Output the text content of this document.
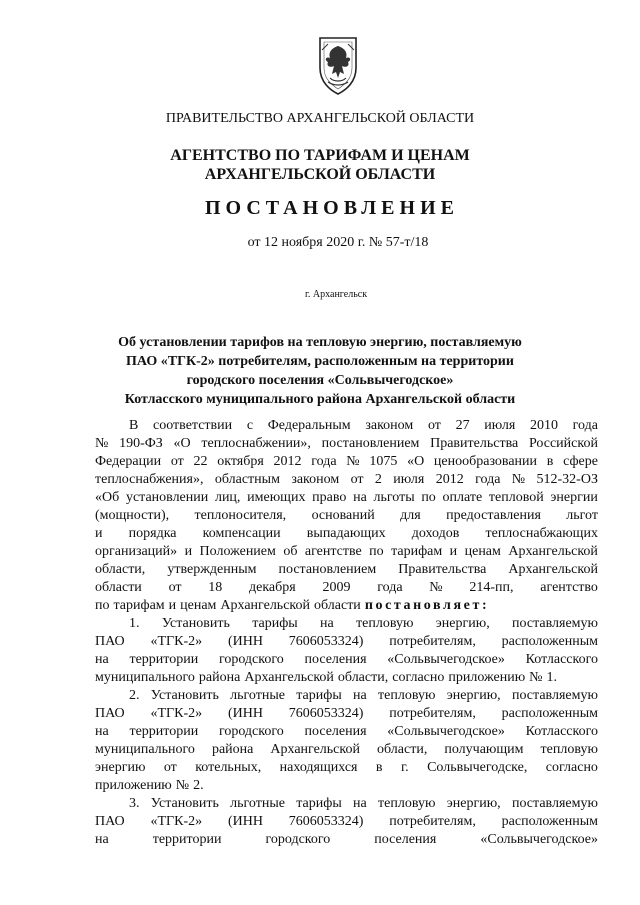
ПРАВИТЕЛЬСТВО АРХАНГЕЛЬСКОЙ ОБЛАСТИ
АГЕНТСТВО ПО ТАРИФАМ И ЦЕНАМ
АРХАНГЕЛЬСКОЙ ОБЛАСТИ
ПОСТАНОВЛЕНИЕ
от 12 ноября 2020 г. № 57-т/18
г. Архангельск
Об установлении тарифов на тепловую энергию, поставляемую
ПАО «ТГК-2» потребителям, расположенным на территории
городского поселения «Сольвычегодское»
Котласского муниципального района Архангельской области
В соответствии с Федеральным законом от 27 июля 2010 года
№ 190-ФЗ «О теплоснабжении», постановлением Правительства Российской
Федерации от 22 октября 2012 года № 1075 «О ценообразовании в сфере
теплоснабжения», областным законом от 2 июля 2012 года № 512-32-ОЗ
«Об установлении лиц, имеющих право на льготы по оплате тепловой энергии
(мощности), теплоносителя, оснований для предоставления льгот
и порядка компенсации выпадающих доходов теплоснабжающих
организаций» и Положением об агентстве по тарифам и ценам Архангельской
области, утвержденным постановлением Правительства Архангельской
области от 18 декабря 2009 года № 214-пп, агентство
по тарифам и ценам Архангельской области постановляет:
1. Установить тарифы на тепловую энергию, поставляемую
ПАО «ТГК-2» (ИНН 7606053324) потребителям, расположенным
на территории городского поселения «Сольвычегодское» Котласского
муниципального района Архангельской области, согласно приложению № 1.
2. Установить льготные тарифы на тепловую энергию, поставляемую
ПАО «ТГК-2» (ИНН 7606053324) потребителям, расположенным
на территории городского поселения «Сольвычегодское» Котласского
муниципального района Архангельской области, получающим тепловую
энергию от котельных, находящихся в г. Сольвычегодске, согласно
приложению № 2.
3. Установить льготные тарифы на тепловую энергию, поставляемую
ПАО «ТГК-2» (ИНН 7606053324) потребителям, расположенным
на	территории	городского	поселения	«Сольвычегодское»
